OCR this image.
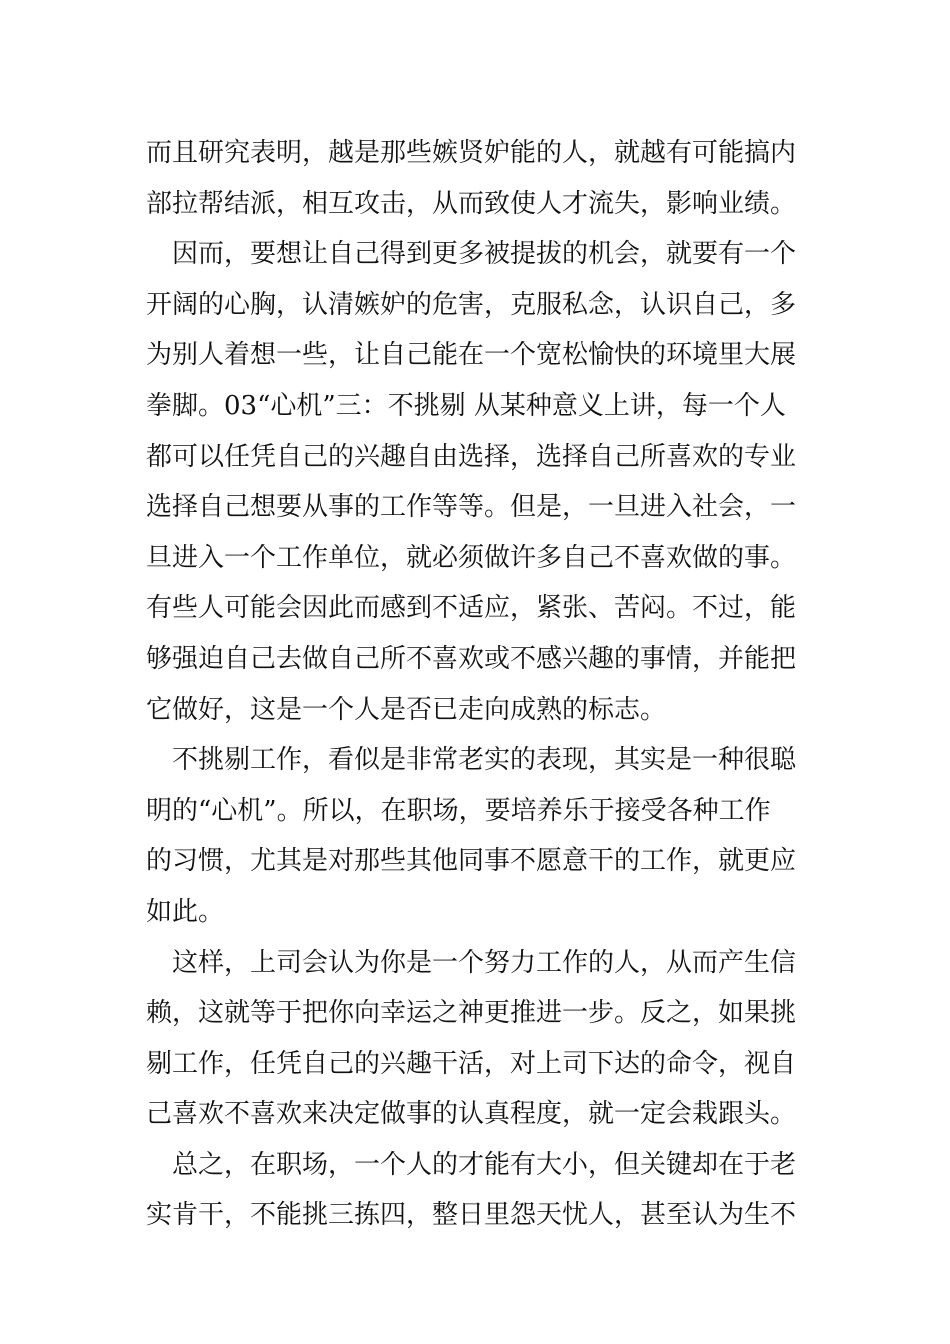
而且研究表明，越是那些嫉贤妒能的人，就越有可能搞内
部拉帮结派，相互攻击，从而致使人才流失，影响业绩。
　因而，要想让自己得到更多被提拔的机会，就要有一个
开阔的心胸，认清嫉妒的危害，克服私念，认识自己，多
为别人着想一些，让自己能在一个宽松愉快的环境里大展
拳脚。03“心机”三：不挑剔 从某种意义上讲，每一个人
都可以任凭自己的兴趣自由选择，选择自己所喜欢的专业
选择自己想要从事的工作等等。但是，一旦进入社会，一
旦进入一个工作单位，就必须做许多自己不喜欢做的事。
有些人可能会因此而感到不适应，紧张、苦闷。不过，能
够强迫自己去做自己所不喜欢或不感兴趣的事情，并能把
它做好，这是一个人是否已走向成熟的标志。
　不挑剔工作，看似是非常老实的表现，其实是一种很聪
明的“心机”。所以，在职场，要培养乐于接受各种工作
的习惯，尤其是对那些其他同事不愿意干的工作，就更应
如此。
　这样，上司会认为你是一个努力工作的人，从而产生信
赖，这就等于把你向幸运之神更推进一步。反之，如果挑
剔工作，任凭自己的兴趣干活，对上司下达的命令，视自
己喜欢不喜欢来决定做事的认真程度，就一定会栽跟头。
　总之，在职场，一个人的才能有大小，但关键却在于老
实肯干，不能挑三拣四，整日里怨天忧人，甚至认为生不
